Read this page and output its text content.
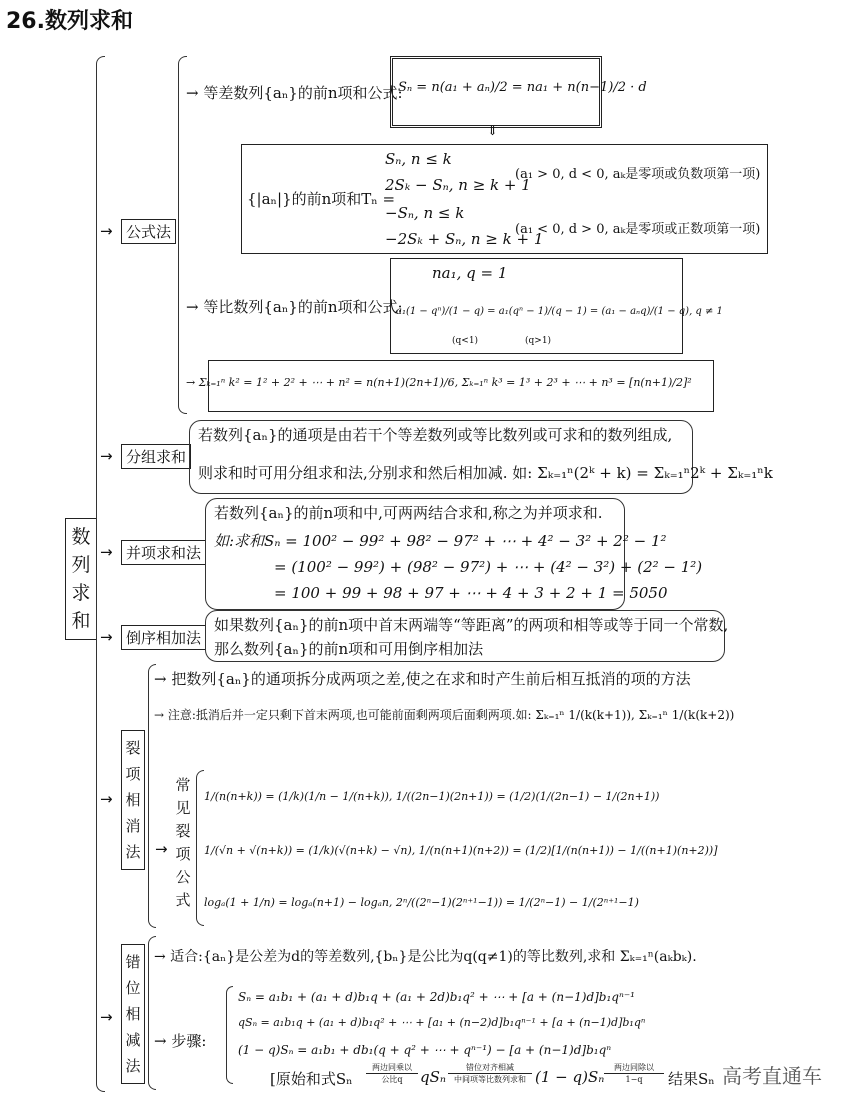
26.数列求和
数列求和
→ 公式法
→ 等差数列{aₙ}的前n项和公式:
Sₙ = n(a₁ + aₙ)/2 = na₁ + n(n−1)/2 · d
⇓
{|aₙ|}的前n项和Tₙ =
Sₙ, n ≤ k
2Sₖ − Sₙ, n ≥ k + 1
(a₁ > 0, d < 0, aₖ是零项或负数项第一项)
−Sₙ, n ≤ k
−2Sₖ + Sₙ, n ≥ k + 1
(a₁ < 0, d > 0, aₖ是零项或正数项第一项)
→ 等比数列{aₙ}的前n项和公式:
na₁, q = 1
a₁(1 − qⁿ)/(1 − q) = a₁(qⁿ − 1)/(q − 1) = (a₁ − aₙq)/(1 − q), q ≠ 1
(q<1)	(q>1)
→ Σₖ₌₁ⁿ k² = 1² + 2² + ⋯ + n² = n(n+1)(2n+1)/6, Σₖ₌₁ⁿ k³ = 1³ + 2³ + ⋯ + n³ = [n(n+1)/2]²
→ 分组求和
若数列{aₙ}的通项是由若干个等差数列或等比数列或可求和的数列组成,
则求和时可用分组求和法,分别求和然后相加减. 如: Σₖ₌₁ⁿ(2ᵏ + k) = Σₖ₌₁ⁿ2ᵏ + Σₖ₌₁ⁿk
→ 并项求和法
若数列{aₙ}的前n项和中,可两两结合求和,称之为并项求和.
如:求和Sₙ = 100² − 99² + 98² − 97² + ⋯ + 4² − 3² + 2² − 1²
= (100² − 99²) + (98² − 97²) + ⋯ + (4² − 3²) + (2² − 1²)
= 100 + 99 + 98 + 97 + ⋯ + 4 + 3 + 2 + 1 = 5050
→ 倒序相加法
如果数列{aₙ}的前n项中首末两端等“等距离”的两项和相等或等于同一个常数,
那么数列{aₙ}的前n项和可用倒序相加法
→
裂项相消法
→ 把数列{aₙ}的通项拆分成两项之差,使之在求和时产生前后相互抵消的项的方法
→ 注意:抵消后并一定只剩下首末两项,也可能前面剩两项后面剩两项.如: Σₖ₌₁ⁿ 1/(k(k+1)), Σₖ₌₁ⁿ 1/(k(k+2))
常见裂项公式
→
1/(n(n+k)) = (1/k)(1/n − 1/(n+k)), 1/((2n−1)(2n+1)) = (1/2)(1/(2n−1) − 1/(2n+1))
1/(√n + √(n+k)) = (1/k)(√(n+k) − √n), 1/(n(n+1)(n+2)) = (1/2)[1/(n(n+1)) − 1/((n+1)(n+2))]
logₐ(1 + 1/n) = logₐ(n+1) − logₐn, 2ⁿ/((2ⁿ−1)(2ⁿ⁺¹−1)) = 1/(2ⁿ−1) − 1/(2ⁿ⁺¹−1)
→
错位相减法
→ 适合:{aₙ}是公差为d的等差数列,{bₙ}是公比为q(q≠1)的等比数列,求和 Σₖ₌₁ⁿ(aₖbₖ).
→ 步骤:
Sₙ = a₁b₁ + (a₁ + d)b₁q + (a₁ + 2d)b₁q² + ⋯ + [a + (n−1)d]b₁qⁿ⁻¹
qSₙ = a₁b₁q + (a₁ + d)b₁q² + ⋯ + [a₁ + (n−2)d]b₁qⁿ⁻¹ + [a + (n−1)d]b₁qⁿ
(1 − q)Sₙ = a₁b₁ + db₁(q + q² + ⋯ + qⁿ⁻¹) − [a + (n−1)d]b₁qⁿ
[原始和式Sₙ
两边同乘以
公比q	qSₙ
错位对齐相减
中间项等比数列求和 (1 − q)Sₙ
两边同除以
1−q	结果Sₙ 高考直通车
